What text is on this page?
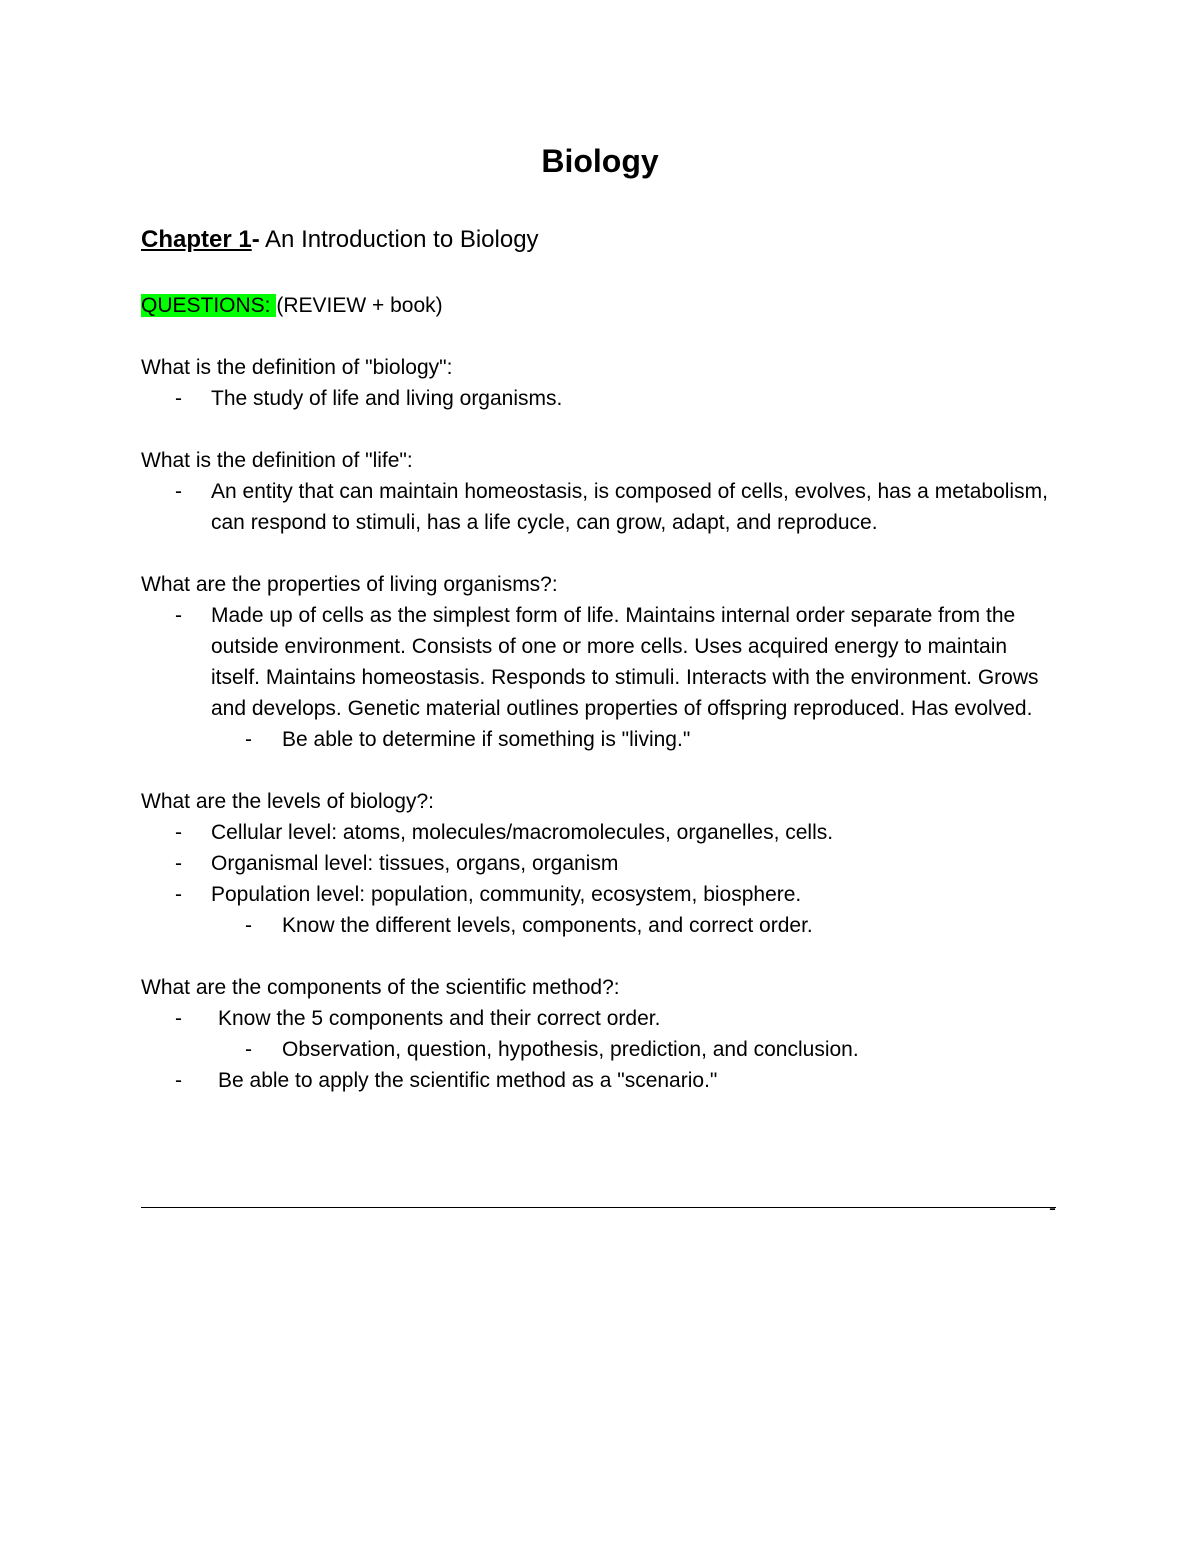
Biology
Chapter 1- An Introduction to Biology
QUESTIONS: (REVIEW + book)

What is the definition of "biology":

- The study of life and living organisms.

What is the definition of "life":

- An entity that can maintain homeostasis, is composed of cells, evolves, has a metabolism, can respond to stimuli, has a life cycle, can grow, adapt, and reproduce.

What are the properties of living organisms?:

- Made up of cells as the simplest form of life. Maintains internal order separate from the outside environment. Consists of one or more cells. Uses acquired energy to maintain itself. Maintains homeostasis. Responds to stimuli. Interacts with the environment. Grows and develops. Genetic material outlines properties of offspring reproduced. Has evolved.

- Be able to determine if something is "living."

What are the levels of biology?:

- Cellular level: atoms, molecules/macromolecules, organelles, cells.

- Organismal level: tissues, organs, organism

- Population level: population, community, ecosystem, biosphere.

- Know the different levels, components, and correct order.

What are the components of the scientific method?:

- Know the 5 components and their correct order.

- Observation, question, hypothesis, prediction, and conclusion.

- Be able to apply the scientific method as a "scenario."

-
